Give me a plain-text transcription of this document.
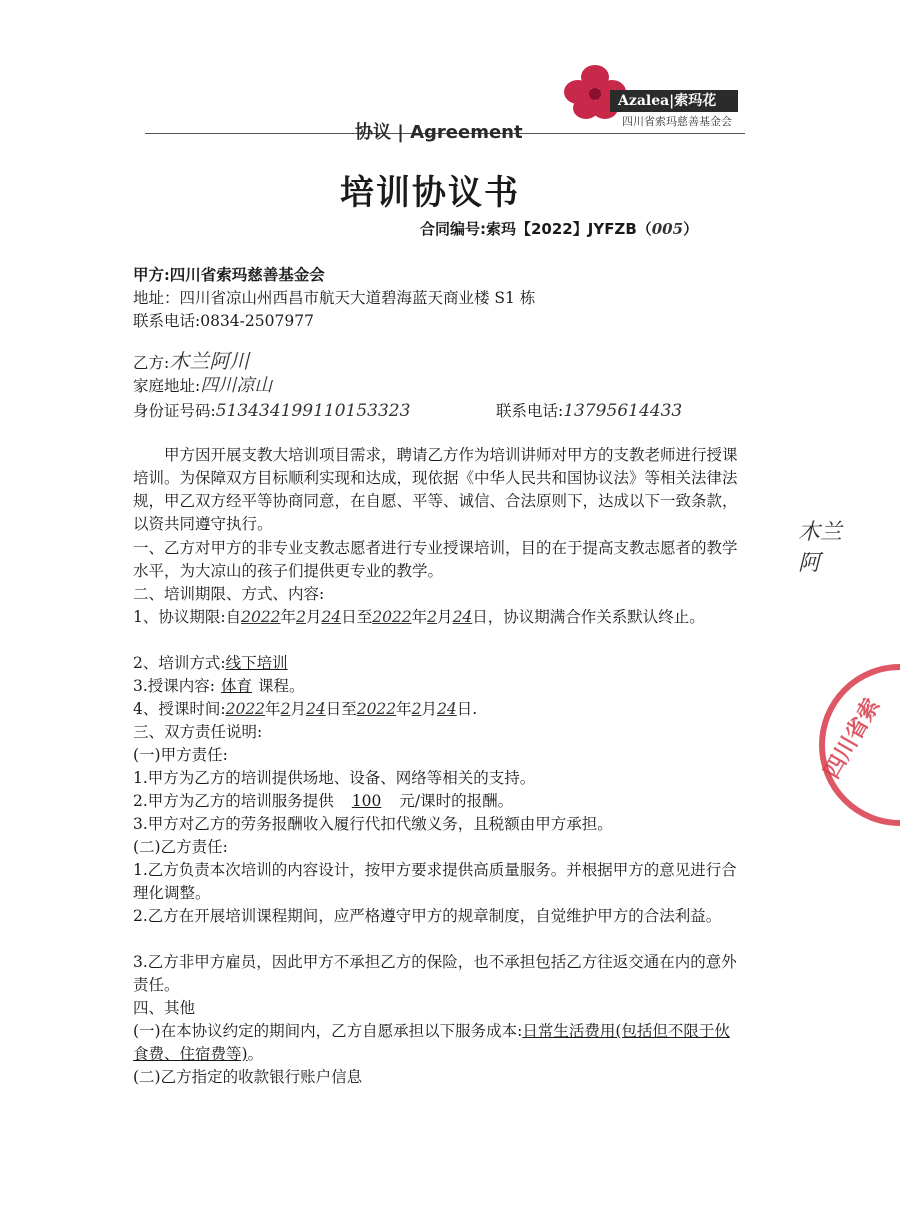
Azalea|索玛花
四川省索玛慈善基金会
协议 | Agreement
培训协议书
合同编号:索玛【2022】JYFZB（005）
甲方:四川省索玛慈善基金会
地址：四川省凉山州西昌市航天大道碧海蓝天商业楼 S1 栋
联系电话:0834-2507977
乙方:木兰阿川
家庭地址:四川凉山
身份证号码:513434199110153323	联系电话:13795614433
甲方因开展支教大培训项目需求，聘请乙方作为培训讲师对甲方的支教老师进行授课培训。为保障双方目标顺利实现和达成，现依据《中华人民共和国协议法》等相关法律法规，甲乙双方经平等协商同意，在自愿、平等、诚信、合法原则下，达成以下一致条款，以资共同遵守执行。
一、乙方对甲方的非专业支教志愿者进行专业授课培训，目的在于提高支教志愿者的教学水平，为大凉山的孩子们提供更专业的教学。
二、培训期限、方式、内容:
1、协议期限:自2022年2月24日至2022年2月24日，协议期满合作关系默认终止。
2、培训方式:线下培训
3.授课内容: 体育 课程。
4、授课时间:2022年2月24日至2022年2月24日.
三、双方责任说明:
(一)甲方责任:
1.甲方为乙方的培训提供场地、设备、网络等相关的支持。
2.甲方为乙方的培训服务提供 100 元/课时的报酬。
3.甲方对乙方的劳务报酬收入履行代扣代缴义务，且税额由甲方承担。
(二)乙方责任:
1.乙方负责本次培训的内容设计，按甲方要求提供高质量服务。并根据甲方的意见进行合理化调整。
2.乙方在开展培训课程期间，应严格遵守甲方的规章制度，自觉维护甲方的合法利益。
3.乙方非甲方雇员，因此甲方不承担乙方的保险，也不承担包括乙方往返交通在内的意外责任。
四、其他
(一)在本协议约定的期间内，乙方自愿承担以下服务成本:日常生活费用(包括但不限于伙食费、住宿费等)。
(二)乙方指定的收款银行账户信息
木兰阿
四川省索
